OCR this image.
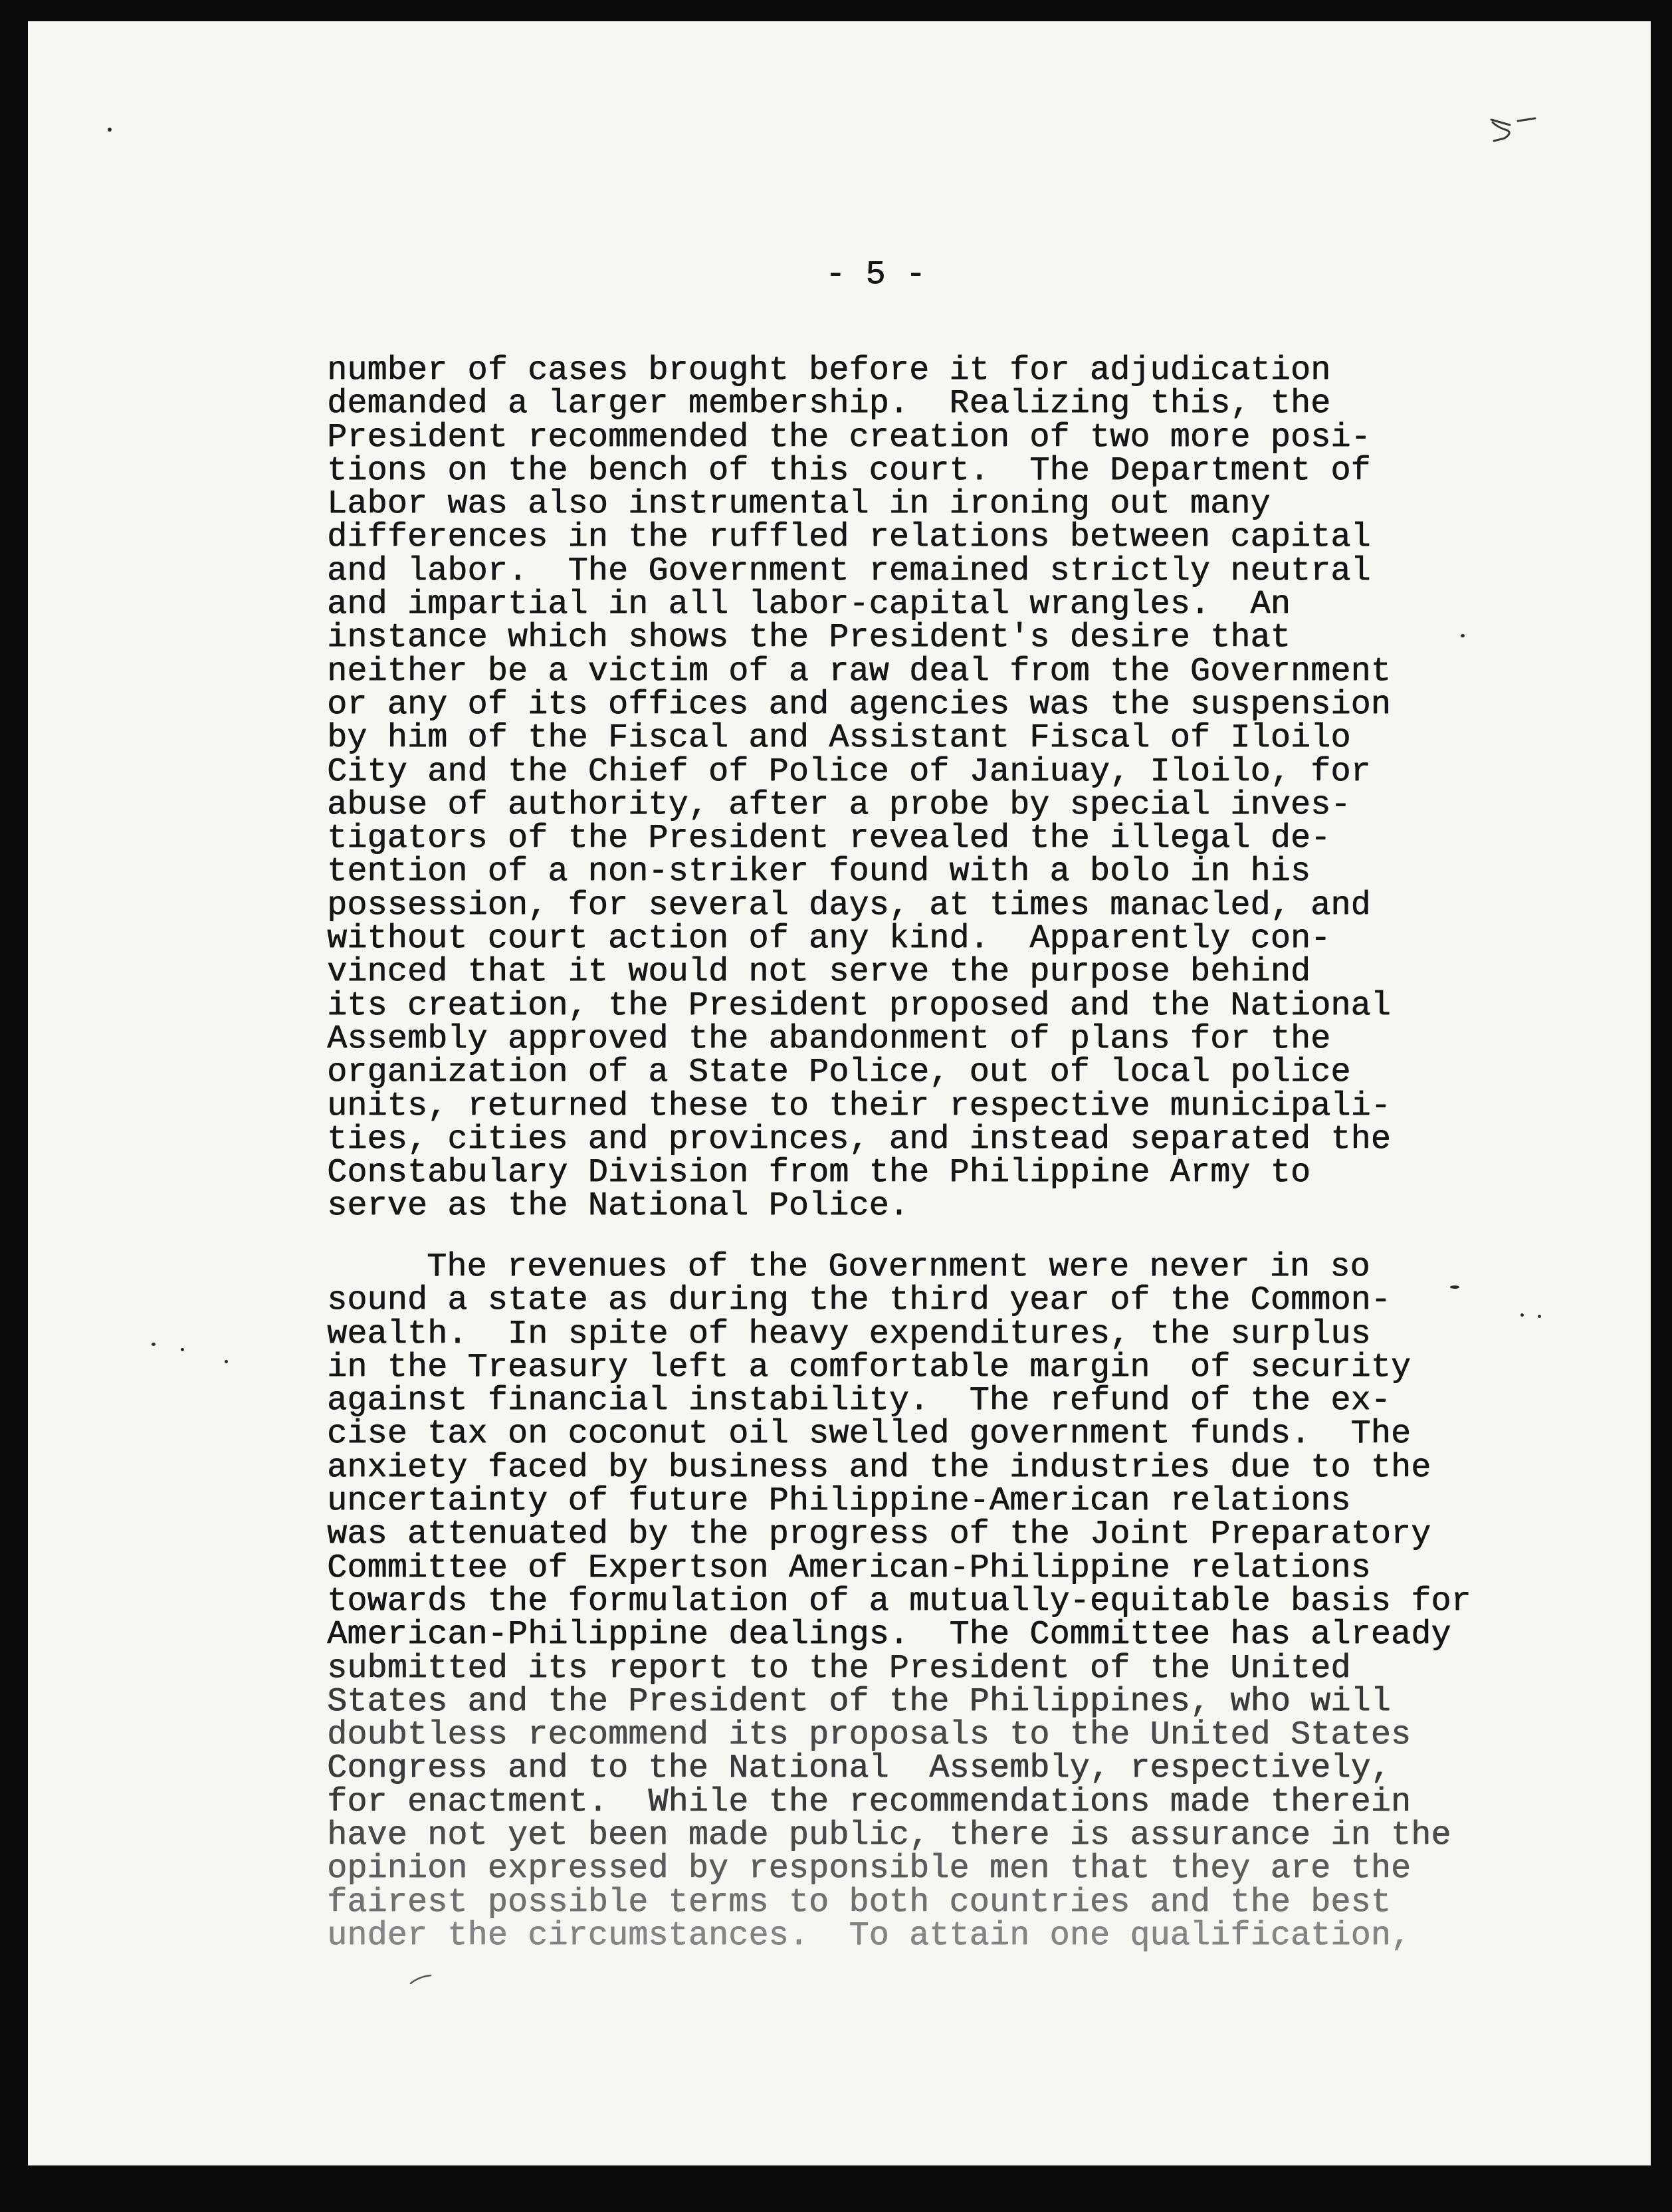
- 5 -
number of cases brought before it for adjudication
demanded a larger membership.  Realizing this, the
President recommended the creation of two more posi-
tions on the bench of this court.  The Department of
Labor was also instrumental in ironing out many
differences in the ruffled relations between capital
and labor.  The Government remained strictly neutral
and impartial in all labor-capital wrangles.  An
instance which shows the President's desire that
neither be a victim of a raw deal from the Government
or any of its offices and agencies was the suspension
by him of the Fiscal and Assistant Fiscal of Iloilo
City and the Chief of Police of Janiuay, Iloilo, for
abuse of authority, after a probe by special inves-
tigators of the President revealed the illegal de-
tention of a non-striker found with a bolo in his
possession, for several days, at times manacled, and
without court action of any kind.  Apparently con-
vinced that it would not serve the purpose behind
its creation, the President proposed and the National
Assembly approved the abandonment of plans for the
organization of a State Police, out of local police
units, returned these to their respective municipali-
ties, cities and provinces, and instead separated the
Constabulary Division from the Philippine Army to
serve as the National Police.
The revenues of the Government were never in so
sound a state as during the third year of the Common-
wealth.  In spite of heavy expenditures, the surplus
in the Treasury left a comfortable margin  of security
against financial instability.  The refund of the ex-
cise tax on coconut oil swelled government funds.  The
anxiety faced by business and the industries due to the
uncertainty of future Philippine-American relations
was attenuated by the progress of the Joint Preparatory
Committee of Expertson American-Philippine relations
towards the formulation of a mutually-equitable basis for
American-Philippine dealings.  The Committee has already
submitted its report to the President of the United
States and the President of the Philippines, who will
doubtless recommend its proposals to the United States
Congress and to the National  Assembly, respectively,
for enactment.  While the recommendations made therein
have not yet been made public, there is assurance in the
opinion expressed by responsible men that they are the
fairest possible terms to both countries and the best
under the circumstances.  To attain one qualification,
